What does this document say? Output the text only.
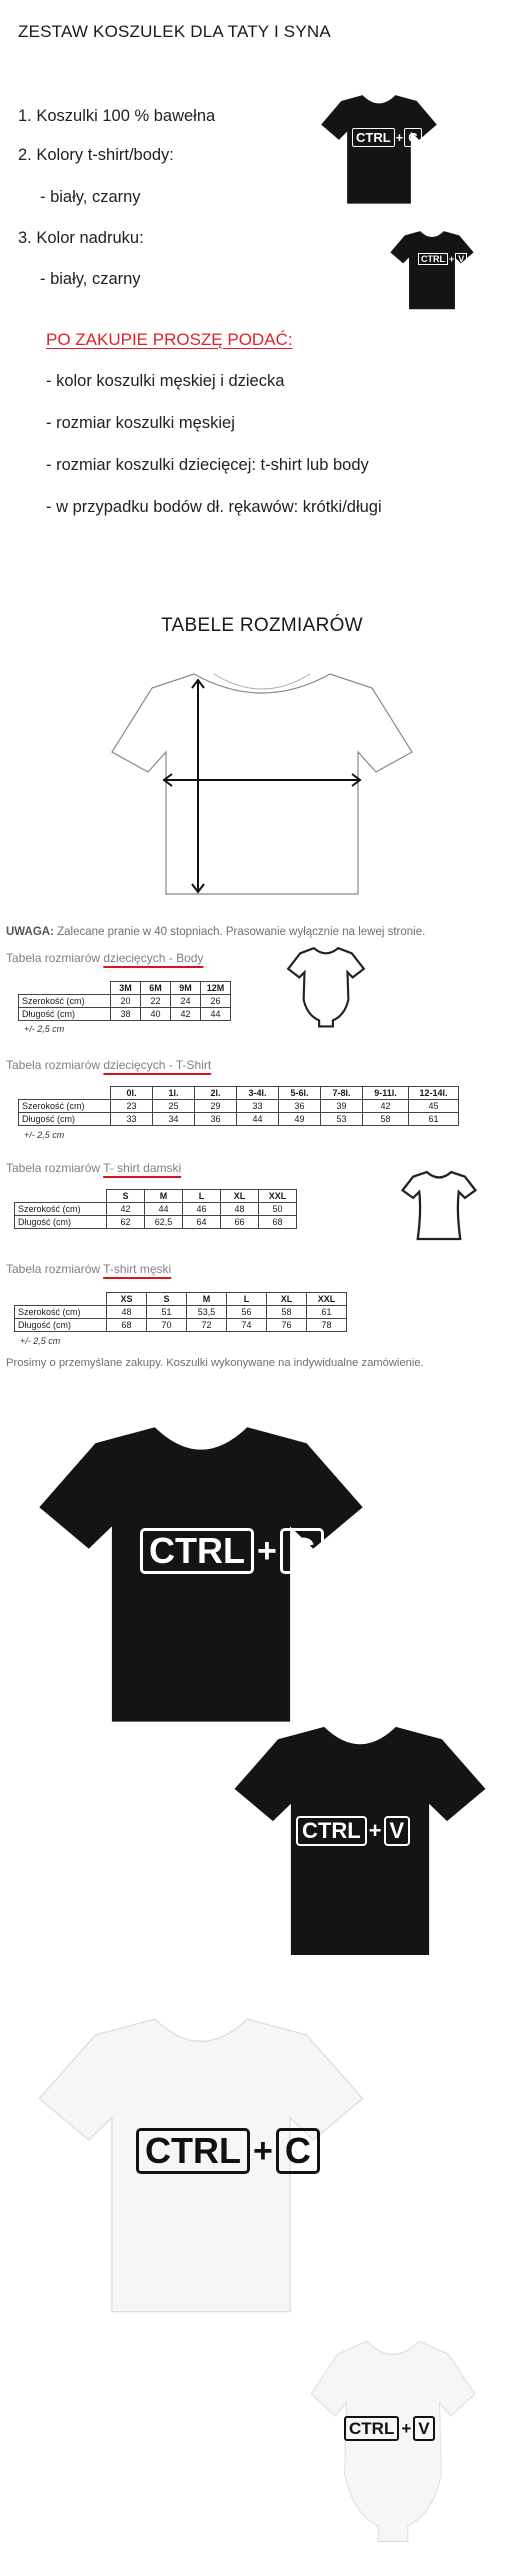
ZESTAW KOSZULEK DLA TATY I SYNA
1. Koszulki 100 % bawełna
2. Kolory t-shirt/body:
- biały, czarny
3. Kolor nadruku:
- biały, czarny
CTRL + C
CTRL + V
PO ZAKUPIE PROSZĘ PODAĆ:
- kolor koszulki męskiej i dziecka
- rozmiar koszulki męskiej
- rozmiar koszulki dziecięcej: t-shirt lub body
- w przypadku bodów dł. rękawów: krótki/długi
TABELE ROZMIARÓW
UWAGA: Zalecane pranie w 40 stopniach. Prasowanie wyłącznie na lewej stronie.
Tabela rozmiarów dziecięcych - Body
	3M	6M	9M	12M
Szerokość (cm)	20	22	24	26
Długość (cm)	38	40	42	44
+/- 2,5 cm
Tabela rozmiarów dziecięcych - T-Shirt
	0l.	1l.	2l.	3-4l.	5-6l.	7-8l.	9-11l.	12-14l.
Szerokość (cm)	23	25	29	33	36	39	42	45
Długość (cm)	33	34	36	44	49	53	58	61
+/- 2,5 cm
Tabela rozmiarów T- shirt damski
	S	M	L	XL	XXL
Szerokość (cm)	42	44	46	48	50
Długość (cm)	62	62,5	64	66	68
Tabela rozmiarów T-shirt męski
	XS	S	M	L	XL	XXL
Szerokość (cm)	48	51	53,5	56	58	61
Długość (cm)	68	70	72	74	76	78
+/- 2,5 cm
Prosimy o przemyślane zakupy. Koszulki wykonywane na indywidualne zamówienie.
CTRL + C
CTRL + V
CTRL + C
CTRL + V
